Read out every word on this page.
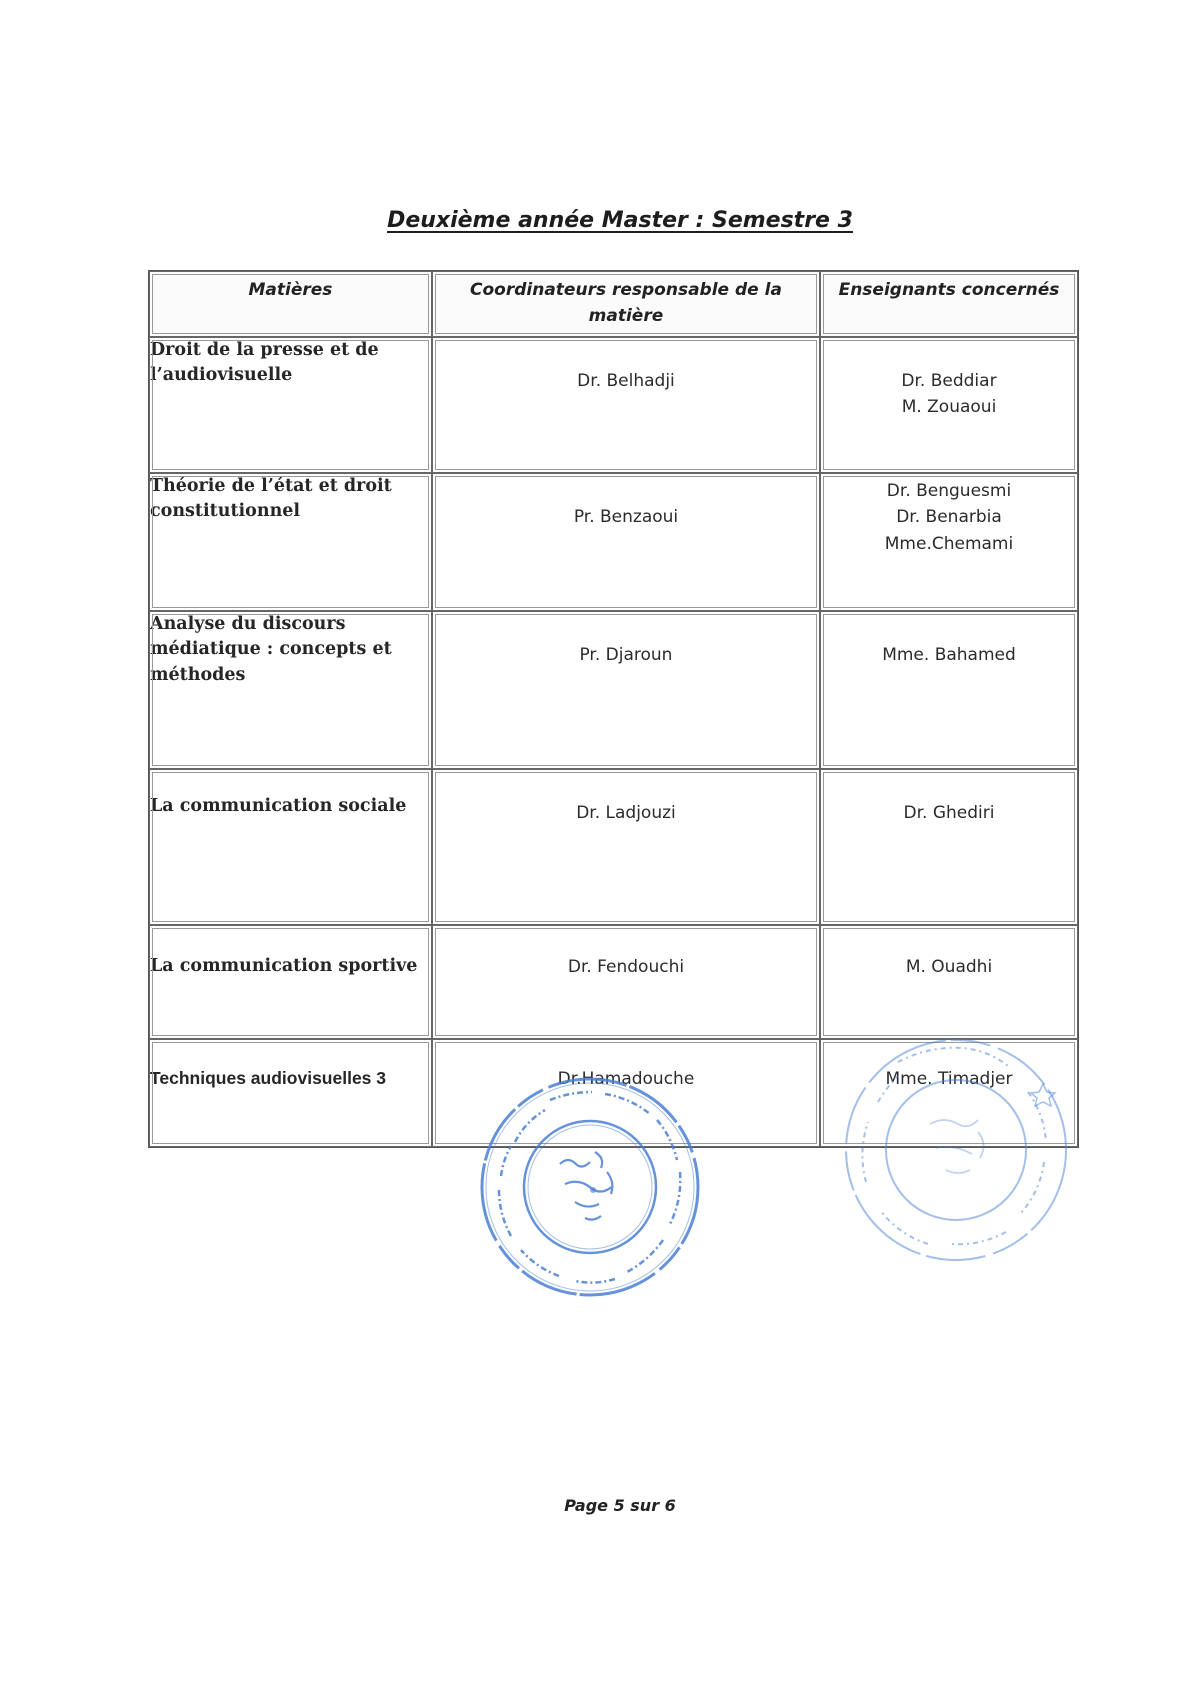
Deuxième année Master : Semestre 3
Matières	Coordinateurs responsable de la matière	Enseignants concernés
Droit de la presse et de l’audiovisuelle	Dr. Belhadji	Dr. Beddiar
M. Zouaoui

Théorie de l’état et droit constitutionnel	Pr. Benzaoui	Dr. Benguesmi
Dr. Benarbia
Mme.Chemami

Analyse du discours médiatique : concepts et méthodes	Pr. Djaroun	Mme. Bahamed

La communication sociale	Dr. Ladjouzi	Dr. Ghediri

La communication sportive	Dr. Fendouchi	M. Ouadhi

Techniques audiovisuelles 3	Dr.Hamadouche	Mme. Timadjer
Page 5 sur 6
